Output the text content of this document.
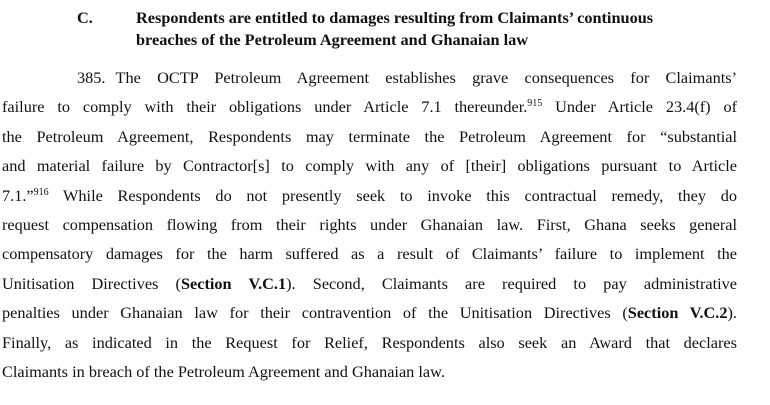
C.	Respondents are entitled to damages resulting from Claimants’ continuous
breaches of the Petroleum Agreement and Ghanaian law
385. The OCTP Petroleum Agreement establishes grave consequences for Claimants’
failure to comply with their obligations under Article 7.1 thereunder.$^{915}$ Under Article 23.4(f) of
the Petroleum Agreement, Respondents may terminate the Petroleum Agreement for “substantial
and material failure by Contractor[s] to comply with any of [their] obligations pursuant to Article
7.1.”$^{916}$ While Respondents do not presently seek to invoke this contractual remedy, they do
request compensation flowing from their rights under Ghanaian law. First, Ghana seeks general
compensatory damages for the harm suffered as a result of Claimants’ failure to implement the
Unitisation Directives (Section V.C.1). Second, Claimants are required to pay administrative
penalties under Ghanaian law for their contravention of the Unitisation Directives (Section V.C.2).
Finally, as indicated in the Request for Relief, Respondents also seek an Award that declares
Claimants in breach of the Petroleum Agreement and Ghanaian law.
